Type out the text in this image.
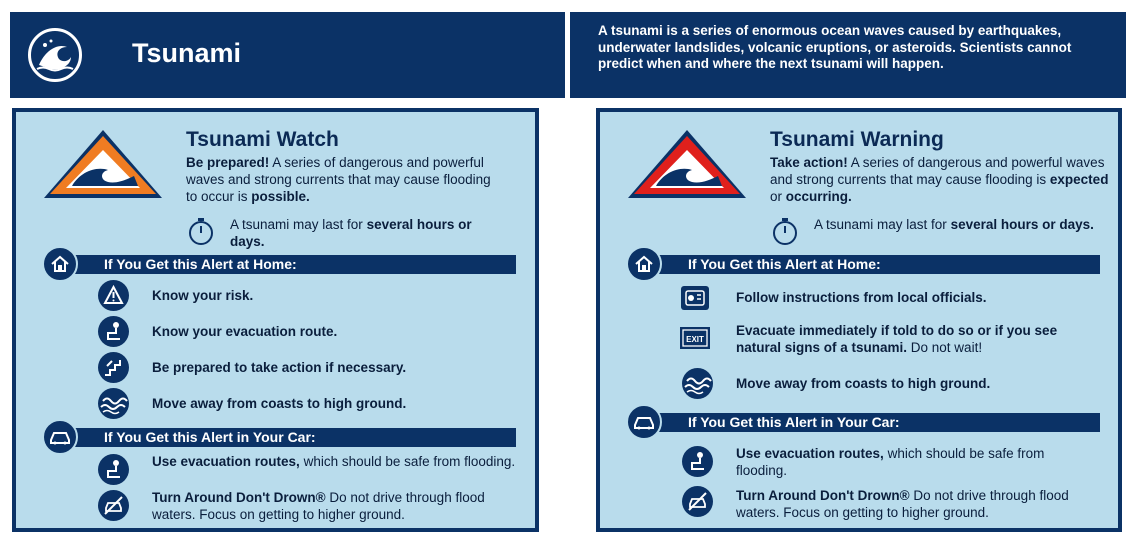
Tsunami
A tsunami is a series of enormous ocean waves caused by earthquakes, underwater landslides, volcanic eruptions, or asteroids. Scientists cannot predict when and where the next tsunami will happen.
Tsunami Watch
Be prepared! A series of dangerous and powerful waves and strong currents that may cause flooding to occur is possible.
A tsunami may last for several hours or days.
If You Get this Alert at Home:
Know your risk.
Know your evacuation route.
Be prepared to take action if necessary.
Move away from coasts to high ground.
If You Get this Alert in Your Car:
Use evacuation routes, which should be safe from flooding.
Turn Around Don't Drown® Do not drive through flood waters. Focus on getting to higher ground.
Tsunami Warning
Take action! A series of dangerous and powerful waves and strong currents that may cause flooding is expected or occurring.
A tsunami may last for several hours or days.
If You Get this Alert at Home:
Follow instructions from local officials.
EXIT
Evacuate immediately if told to do so or if you see natural signs of a tsunami. Do not wait!
Move away from coasts to high ground.
If You Get this Alert in Your Car:
Use evacuation routes, which should be safe from flooding.
Turn Around Don't Drown® Do not drive through flood waters. Focus on getting to higher ground.
